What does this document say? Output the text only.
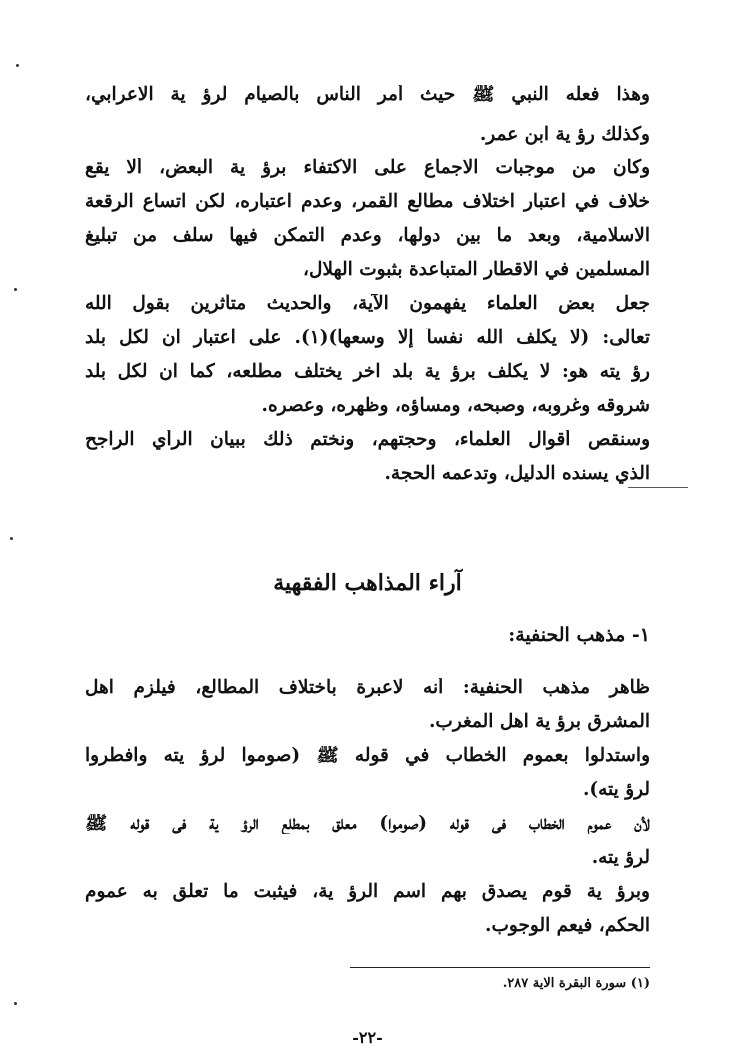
وهذا فعله النبي ﷺ حيث أمر الناس بالصيام لرؤ ية الاعرابي،
وكذلك رؤ ية ابن عمر.
وكان من موجبات الاجماع على الاكتفاء برؤ ية البعض، ألا يقع
خلاف في اعتبار اختلاف مطالع القمر، وعدم اعتباره، لكن اتساع الرقعة
الاسلامية، وبعد ما بين دولها، وعدم التمكن فيها سلف من تبليغ
المسلمين في الاقطار المتباعدة بثبوت الهلال،
جعل بعض العلماء يفهمون الآية، والحديث متأثرين بقول الله
تعالى: (لا يكلف الله نفساً إلّا وسعها)(١). على اعتبار ان لكل بلد
رؤ يته هو: لا يكلف برؤ ية بلد اخر يختلف مطلعه، كما ان لكل بلد
شروقه وغروبه، وصبحه، ومساؤه، وظهره، وعصره.
وسنقص أقوال العلماء، وحجتهم، ونختم ذلك ببيان الرأي الراجح
الذي يسنده الدليل، وتدعمه الحجة.
آراء المذاهب الفقهية
١- مذهب الحنفية:
ظاهر مذهب الحنفية: أنه لاعبرة باختلاف المطالع، فيلزم اهل
المشرق برؤ ية اهل المغرب.
واستدلوا بعموم الخطاب في قوله ﷺ (صوموا لرؤ يته وافطروا
لرؤ يته).
لأن عموم الخطاب في قوله (صوموا) معلق بمطلع الرؤ ية في قوله ﷺ
لرؤ يته.
وبرؤ ية قوم يصدق بهم اسم الرؤ ية، فيثبت ما تعلق به عموم
الحكم، فيعم الوجوب.
(١) سورة البقرة الاية ٢٨٧.
-٢٢-
